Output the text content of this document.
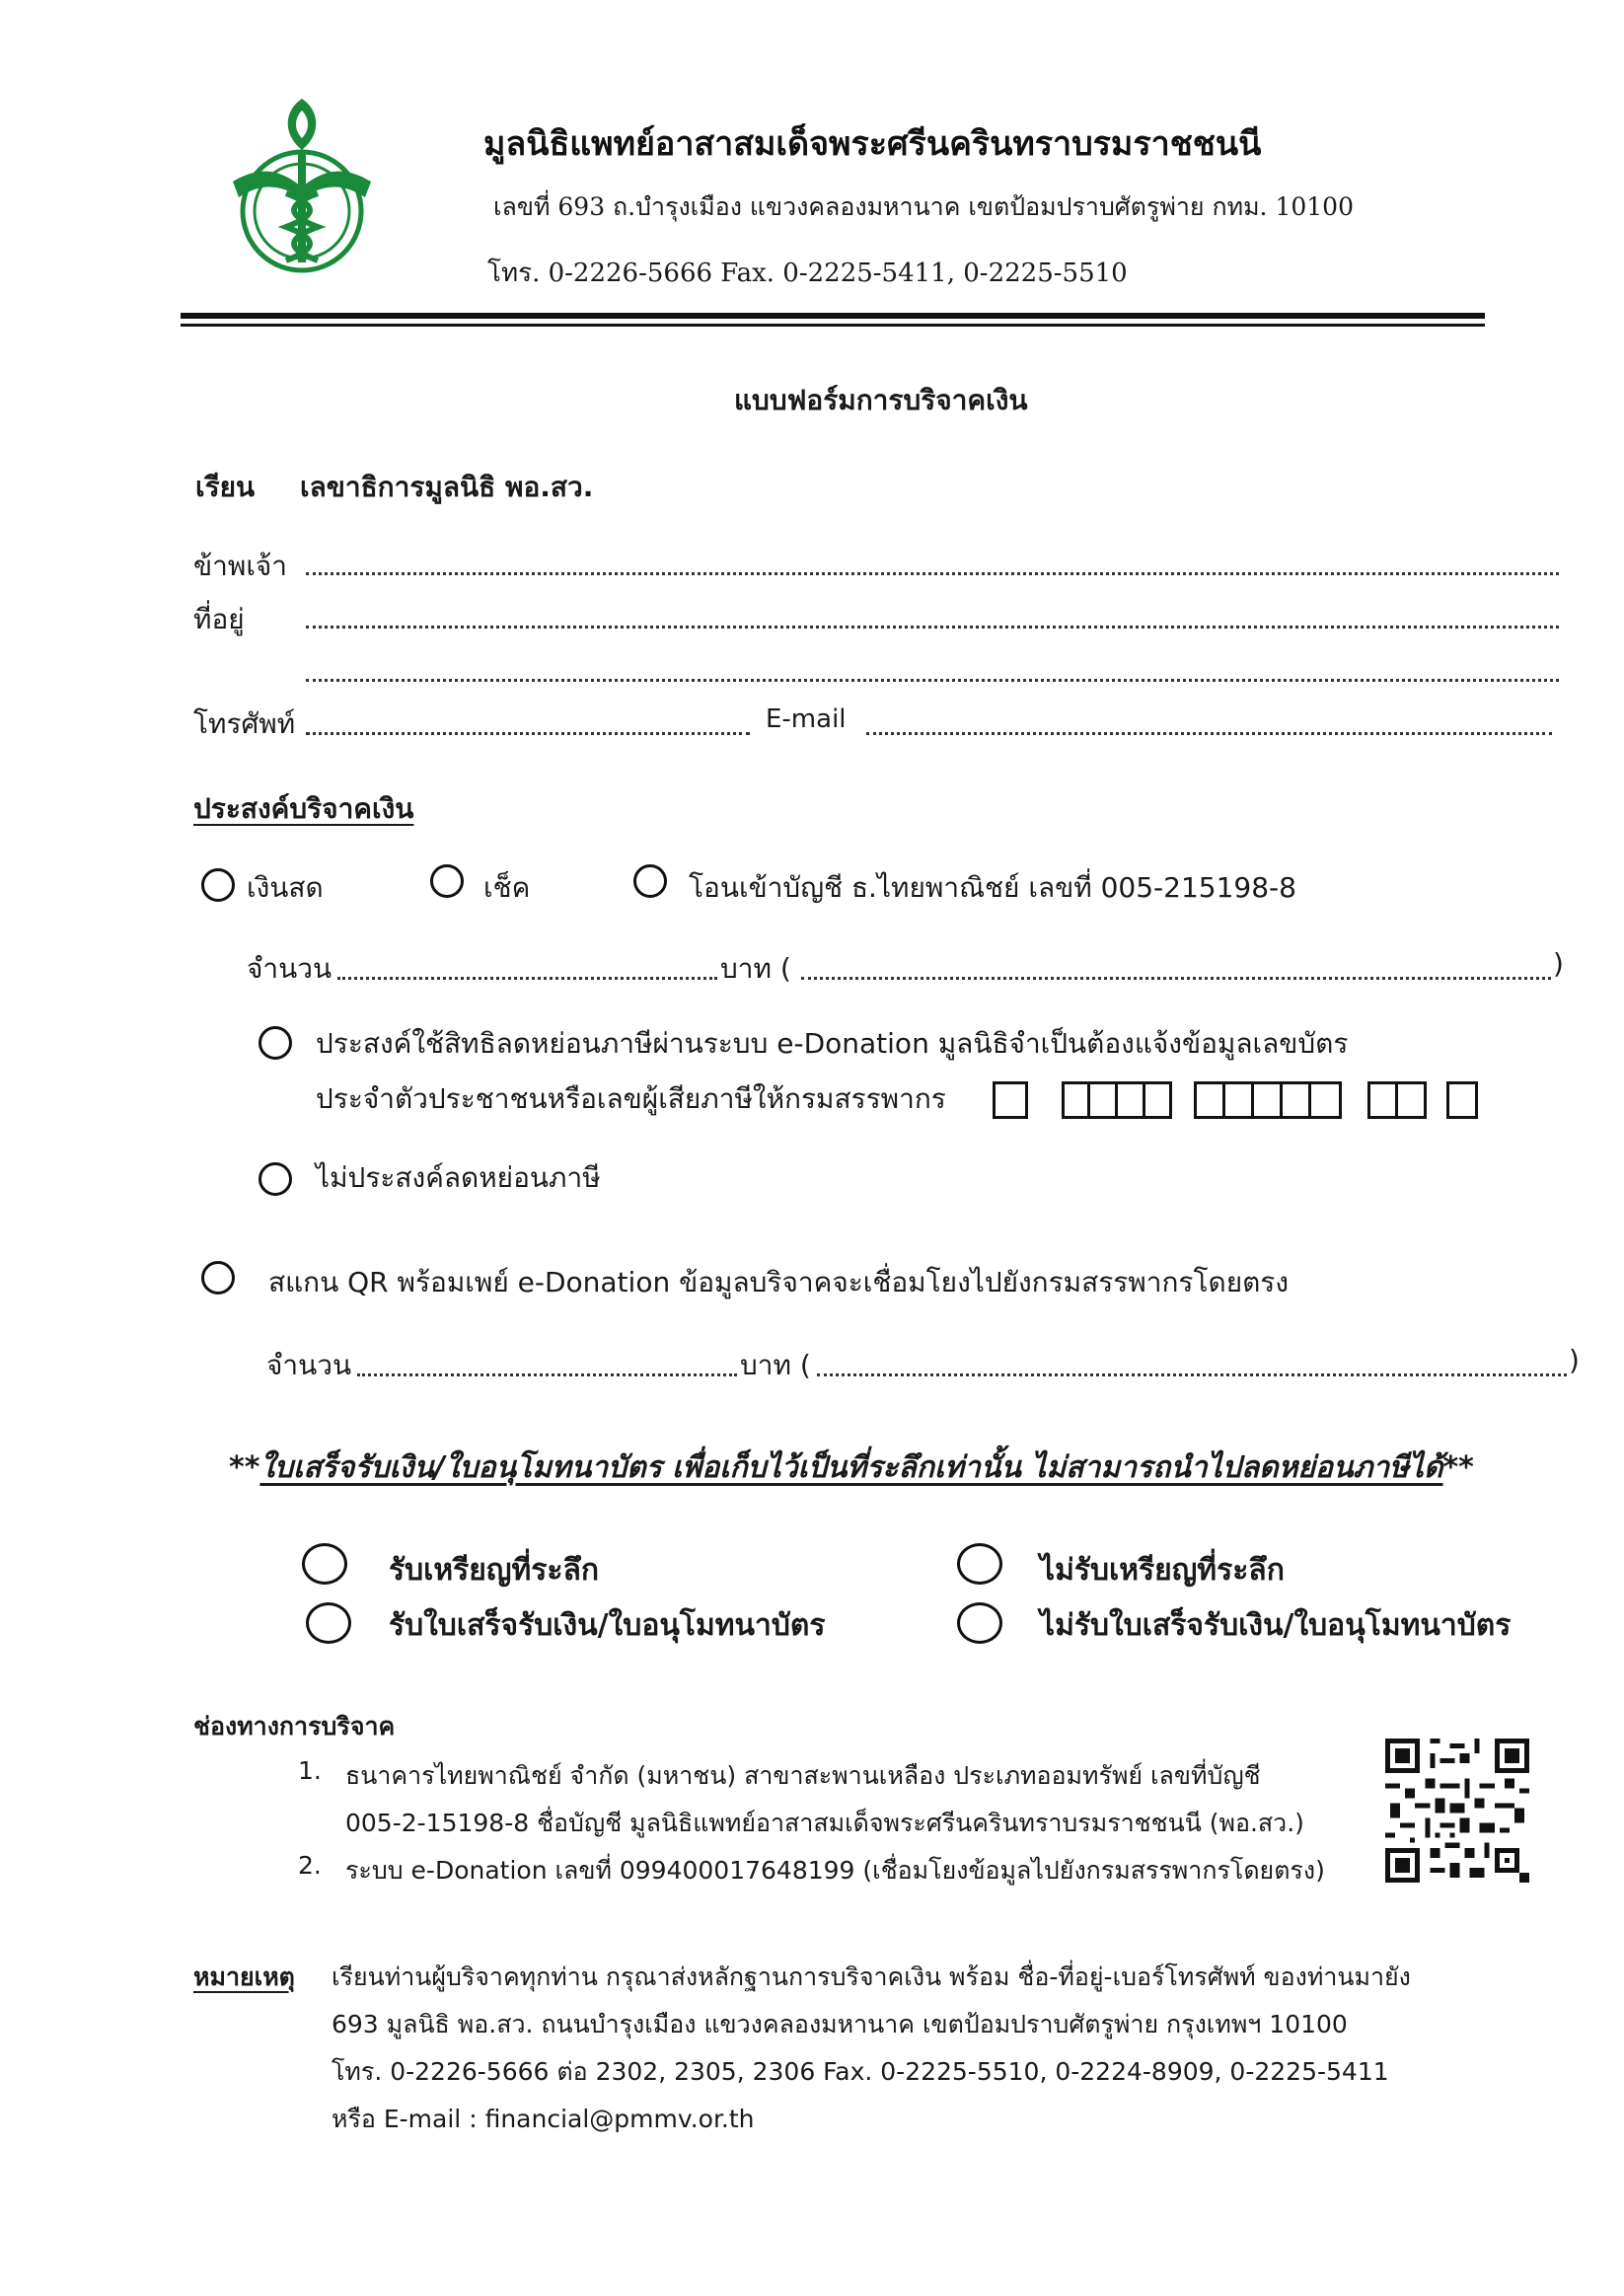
มูลนิธิแพทย์อาสาสมเด็จพระศรีนครินทราบรมราชชนนี
เลขที่ 693 ถ.บำรุงเมือง แขวงคลองมหานาค เขตป้อมปราบศัตรูพ่าย กทม. 10100
โทร. 0-2226-5666 Fax. 0-2225-5411, 0-2225-5510
แบบฟอร์มการบริจาคเงิน
เรียน เลขาธิการมูลนิธิ พอ.สว.
ข้าพเจ้า
ที่อยู่
โทรศัพท์	E-mail
ประสงค์บริจาคเงิน
เงินสด	เช็ค	โอนเข้าบัญชี ธ.ไทยพาณิชย์ เลขที่ 005-215198-8
จำนวน	บาท (	)
ประสงค์ใช้สิทธิลดหย่อนภาษีผ่านระบบ e-Donation มูลนิธิจำเป็นต้องแจ้งข้อมูลเลขบัตร
ประจำตัวประชาชนหรือเลขผู้เสียภาษีให้กรมสรรพากร
ไม่ประสงค์ลดหย่อนภาษี
สแกน QR พร้อมเพย์ e-Donation ข้อมูลบริจาคจะเชื่อมโยงไปยังกรมสรรพากรโดยตรง
จำนวน	บาท (	)
**ใบเสร็จรับเงิน/ใบอนุโมทนาบัตร เพื่อเก็บไว้เป็นที่ระลึกเท่านั้น ไม่สามารถนำไปลดหย่อนภาษีได้**
รับเหรียญที่ระลึก	ไม่รับเหรียญที่ระลึก
รับใบเสร็จรับเงิน/ใบอนุโมทนาบัตร	ไม่รับใบเสร็จรับเงิน/ใบอนุโมทนาบัตร
ช่องทางการบริจาค
1. ธนาคารไทยพาณิชย์ จำกัด (มหาชน) สาขาสะพานเหลือง ประเภทออมทรัพย์ เลขที่บัญชี
005-2-15198-8 ชื่อบัญชี มูลนิธิแพทย์อาสาสมเด็จพระศรีนครินทราบรมราชชนนี (พอ.สว.)
2. ระบบ e-Donation เลขที่ 099400017648199 (เชื่อมโยงข้อมูลไปยังกรมสรรพากรโดยตรง)
หมายเหตุ เรียนท่านผู้บริจาคทุกท่าน กรุณาส่งหลักฐานการบริจาคเงิน พร้อม ชื่อ-ที่อยู่-เบอร์โทรศัพท์ ของท่านมายัง
693 มูลนิธิ พอ.สว. ถนนบำรุงเมือง แขวงคลองมหานาค เขตป้อมปราบศัตรูพ่าย กรุงเทพฯ 10100
โทร. 0-2226-5666 ต่อ 2302, 2305, 2306 Fax. 0-2225-5510, 0-2224-8909, 0-2225-5411
หรือ E-mail : financial@pmmv.or.th
